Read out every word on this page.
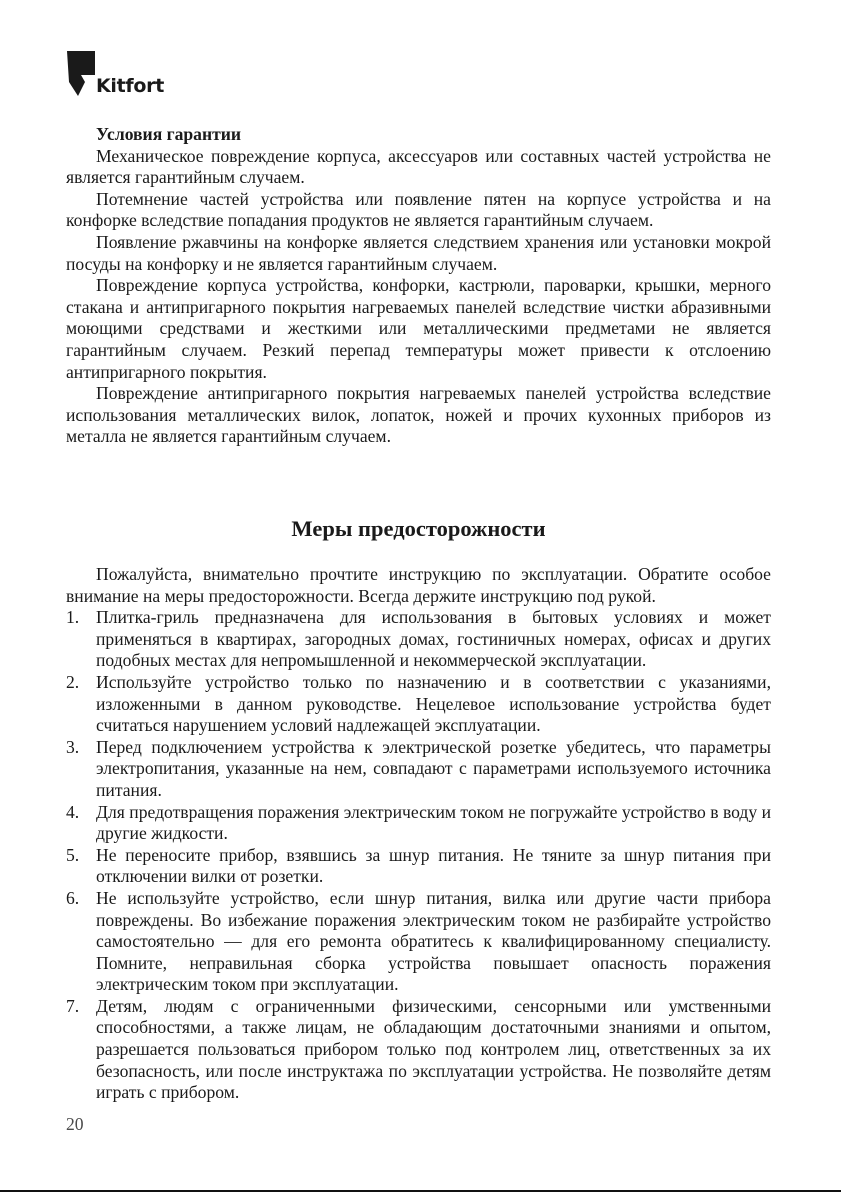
Kitfort

Условия гарантии

Механическое повреждение корпуса, аксессуаров или составных частей устройства не является гарантийным случаем.

Потемнение частей устройства или появление пятен на корпусе устройства и на конфорке вследствие попадания продуктов не является гарантийным случаем.

Появление ржавчины на конфорке является следствием хранения или установки мокрой посуды на конфорку и не является гарантийным случаем.

Повреждение корпуса устройства, конфорки, кастрюли, пароварки, крышки, мерного стакана и антипригарного покрытия нагреваемых панелей вследствие чистки абразивными моющими средствами и жесткими или металлическими предметами не является гарантийным случаем. Резкий перепад температуры может привести к отслоению антипригарного покрытия.

Повреждение антипригарного покрытия нагреваемых панелей устройства вследствие использования металлических вилок, лопаток, ножей и прочих кухонных приборов из металла не является гарантийным случаем.

Меры предосторожности

Пожалуйста, внимательно прочтите инструкцию по эксплуатации. Обратите особое внимание на меры предосторожности. Всегда держите инструкцию под рукой.

1. Плитка-гриль предназначена для использования в бытовых условиях и может применяться в квартирах, загородных домах, гостиничных номерах, офисах и других подобных местах для непромышленной и некоммерческой эксплуатации.
2. Используйте устройство только по назначению и в соответствии с указаниями, изложенными в данном руководстве. Нецелевое использование устройства будет считаться нарушением условий надлежащей эксплуатации.
3. Перед подключением устройства к электрической розетке убедитесь, что параметры электропитания, указанные на нем, совпадают с параметрами используемого источника питания.
4. Для предотвращения поражения электрическим током не погружайте устройство в воду и другие жидкости.
5. Не переносите прибор, взявшись за шнур питания. Не тяните за шнур питания при отключении вилки от розетки.
6. Не используйте устройство, если шнур питания, вилка или другие части прибора повреждены. Во избежание поражения электрическим током не разбирайте устройство самостоятельно — для его ремонта обратитесь к квалифицированному специалисту. Помните, неправильная сборка устройства повышает опасность поражения электрическим током при эксплуатации.
7. Детям, людям с ограниченными физическими, сенсорными или умственными способностями, а также лицам, не обладающим достаточными знаниями и опытом, разрешается пользоваться прибором только под контролем лиц, ответственных за их безопасность, или после инструктажа по эксплуатации устройства. Не позволяйте детям играть с прибором.
20
